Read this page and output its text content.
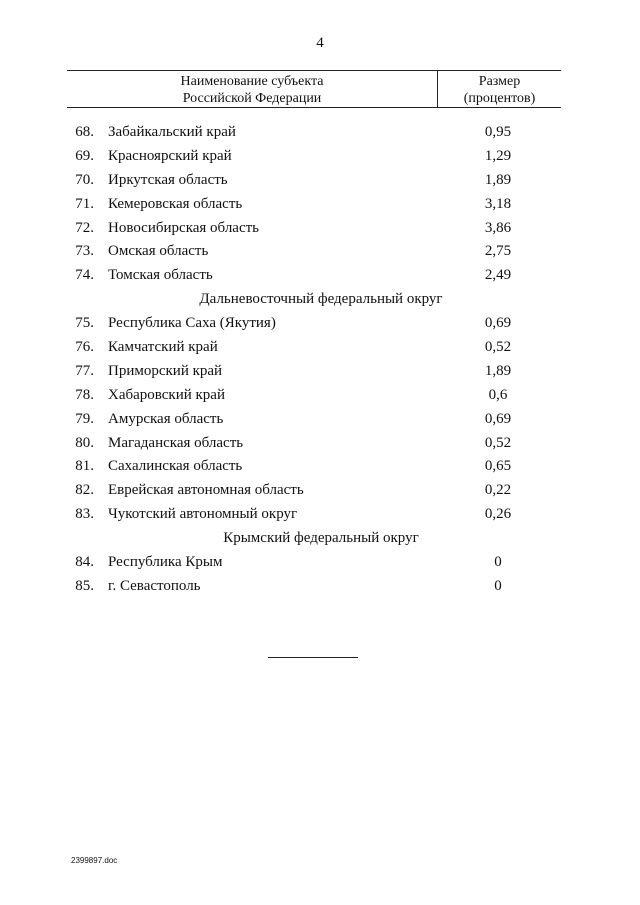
4
Наименование субъекта
Российской Федерации
Размер
(процентов)
68. Забайкальский край	0,95
69. Красноярский край	1,29
70. Иркутская область	1,89
71. Кемеровская область	3,18
72. Новосибирская область	3,86
73. Омская область	2,75
74. Томская область	2,49
Дальневосточный федеральный округ
75. Республика Саха (Якутия)	0,69
76. Камчатский край	0,52
77. Приморский край	1,89
78. Хабаровский край	0,6
79. Амурская область	0,69
80. Магаданская область	0,52
81. Сахалинская область	0,65
82. Еврейская автономная область	0,22
83. Чукотский автономный округ	0,26
Крымский федеральный округ
84. Республика Крым	0
85. г. Севастополь	0
2399897.doc
